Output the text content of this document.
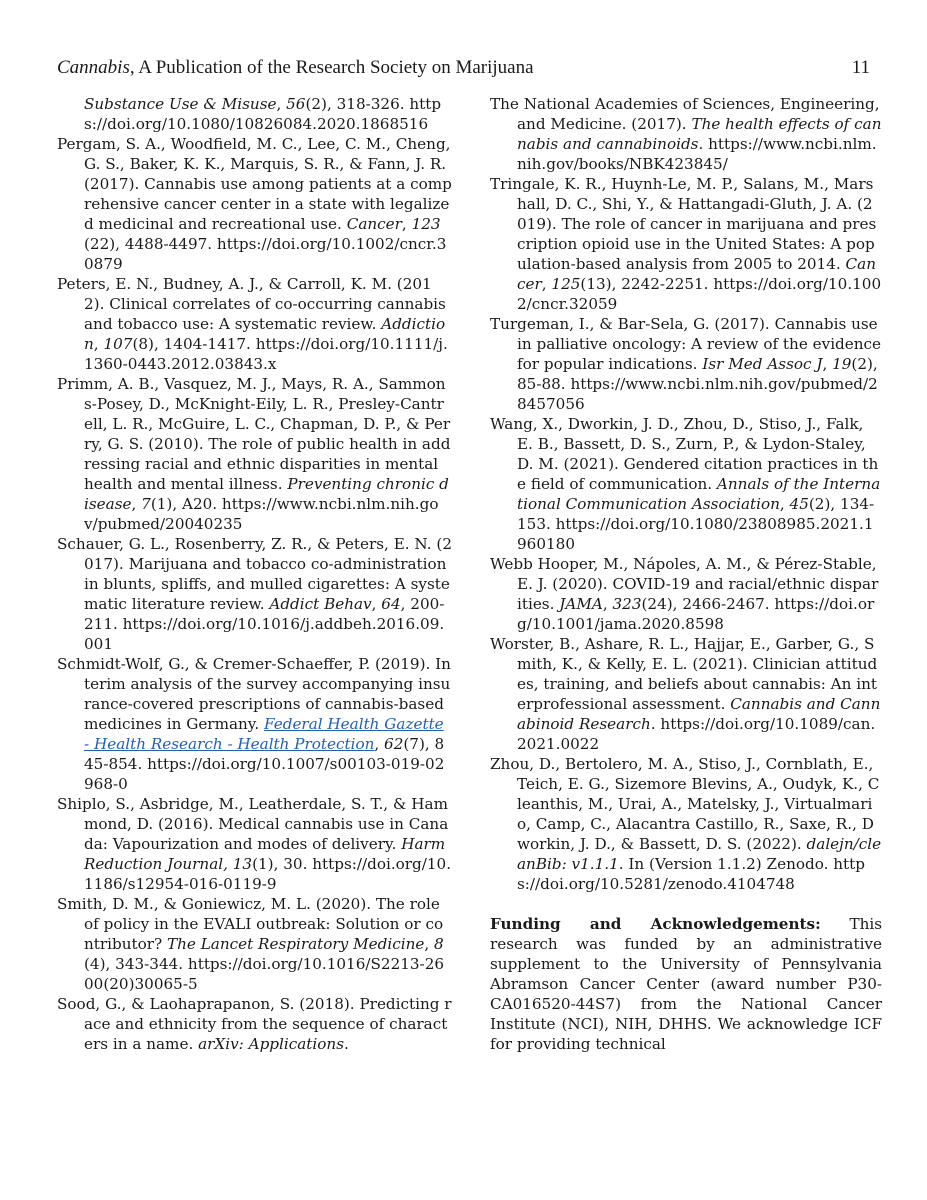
Cannabis, A Publication of the Research Society on Marijuana	11

Substance Use & Misuse, 56(2), 318-326. https://doi.org/10.1080/10826084.2020.1868516

Pergam, S. A., Woodfield, M. C., Lee, C. M., Cheng, G. S., Baker, K. K., Marquis, S. R., & Fann, J. R. (2017). Cannabis use among patients at a comprehensive cancer center in a state with legalized medicinal and recreational use. Cancer, 123(22), 4488-4497. https://doi.org/10.1002/cncr.30879

Peters, E. N., Budney, A. J., & Carroll, K. M. (2012). Clinical correlates of co-occurring cannabis and tobacco use: A systematic review. Addiction, 107(8), 1404-1417. https://doi.org/10.1111/j.1360-0443.2012.03843.x

Primm, A. B., Vasquez, M. J., Mays, R. A., Sammons-Posey, D., McKnight-Eily, L. R., Presley-Cantrell, L. R., McGuire, L. C., Chapman, D. P., & Perry, G. S. (2010). The role of public health in addressing racial and ethnic disparities in mental health and mental illness. Preventing chronic disease, 7(1), A20. https://www.ncbi.nlm.nih.gov/pubmed/20040235

Schauer, G. L., Rosenberry, Z. R., & Peters, E. N. (2017). Marijuana and tobacco co-administration in blunts, spliffs, and mulled cigarettes: A systematic literature review. Addict Behav, 64, 200-211. https://doi.org/10.1016/j.addbeh.2016.09.001

Schmidt-Wolf, G., & Cremer-Schaeffer, P. (2019). Interim analysis of the survey accompanying insurance-covered prescriptions of cannabis-based medicines in Germany. Federal Health Gazette - Health Research - Health Protection, 62(7), 845-854. https://doi.org/10.1007/s00103-019-02968-0

Shiplo, S., Asbridge, M., Leatherdale, S. T., & Hammond, D. (2016). Medical cannabis use in Canada: Vapourization and modes of delivery. Harm Reduction Journal, 13(1), 30. https://doi.org/10.1186/s12954-016-0119-9

Smith, D. M., & Goniewicz, M. L. (2020). The role of policy in the EVALI outbreak: Solution or contributor? The Lancet Respiratory Medicine, 8(4), 343-344. https://doi.org/10.1016/S2213-2600(20)30065-5

Sood, G., & Laohaprapanon, S. (2018). Predicting race and ethnicity from the sequence of characters in a name. arXiv: Applications.

The National Academies of Sciences, Engineering, and Medicine. (2017). The health effects of cannabis and cannabinoids. https://www.ncbi.nlm.nih.gov/books/NBK423845/

Tringale, K. R., Huynh-Le, M. P., Salans, M., Marshall, D. C., Shi, Y., & Hattangadi-Gluth, J. A. (2019). The role of cancer in marijuana and prescription opioid use in the United States: A population-based analysis from 2005 to 2014. Cancer, 125(13), 2242-2251. https://doi.org/10.1002/cncr.32059

Turgeman, I., & Bar-Sela, G. (2017). Cannabis use in palliative oncology: A review of the evidence for popular indications. Isr Med Assoc J, 19(2), 85-88. https://www.ncbi.nlm.nih.gov/pubmed/28457056

Wang, X., Dworkin, J. D., Zhou, D., Stiso, J., Falk, E. B., Bassett, D. S., Zurn, P., & Lydon-Staley, D. M. (2021). Gendered citation practices in the field of communication. Annals of the International Communication Association, 45(2), 134-153. https://doi.org/10.1080/23808985.2021.1960180

Webb Hooper, M., Nápoles, A. M., & Pérez-Stable, E. J. (2020). COVID-19 and racial/ethnic disparities. JAMA, 323(24), 2466-2467. https://doi.org/10.1001/jama.2020.8598

Worster, B., Ashare, R. L., Hajjar, E., Garber, G., Smith, K., & Kelly, E. L. (2021). Clinician attitudes, training, and beliefs about cannabis: An interprofessional assessment. Cannabis and Cannabinoid Research. https://doi.org/10.1089/can.2021.0022

Zhou, D., Bertolero, M. A., Stiso, J., Cornblath, E., Teich, E. G., Sizemore Blevins, A., Oudyk, K., Cleanthis, M., Urai, A., Matelsky, J., Virtualmario, Camp, C., Alacantra Castillo, R., Saxe, R., Dworkin, J. D., & Bassett, D. S. (2022). dalejn/cleanBib: v1.1.1. In (Version 1.1.2) Zenodo. https://doi.org/10.5281/zenodo.4104748

Funding and Acknowledgements: This research was funded by an administrative supplement to the University of Pennsylvania Abramson Cancer Center (award number P30-CA016520-44S7) from the National Cancer Institute (NCI), NIH, DHHS. We acknowledge ICF for providing technical
